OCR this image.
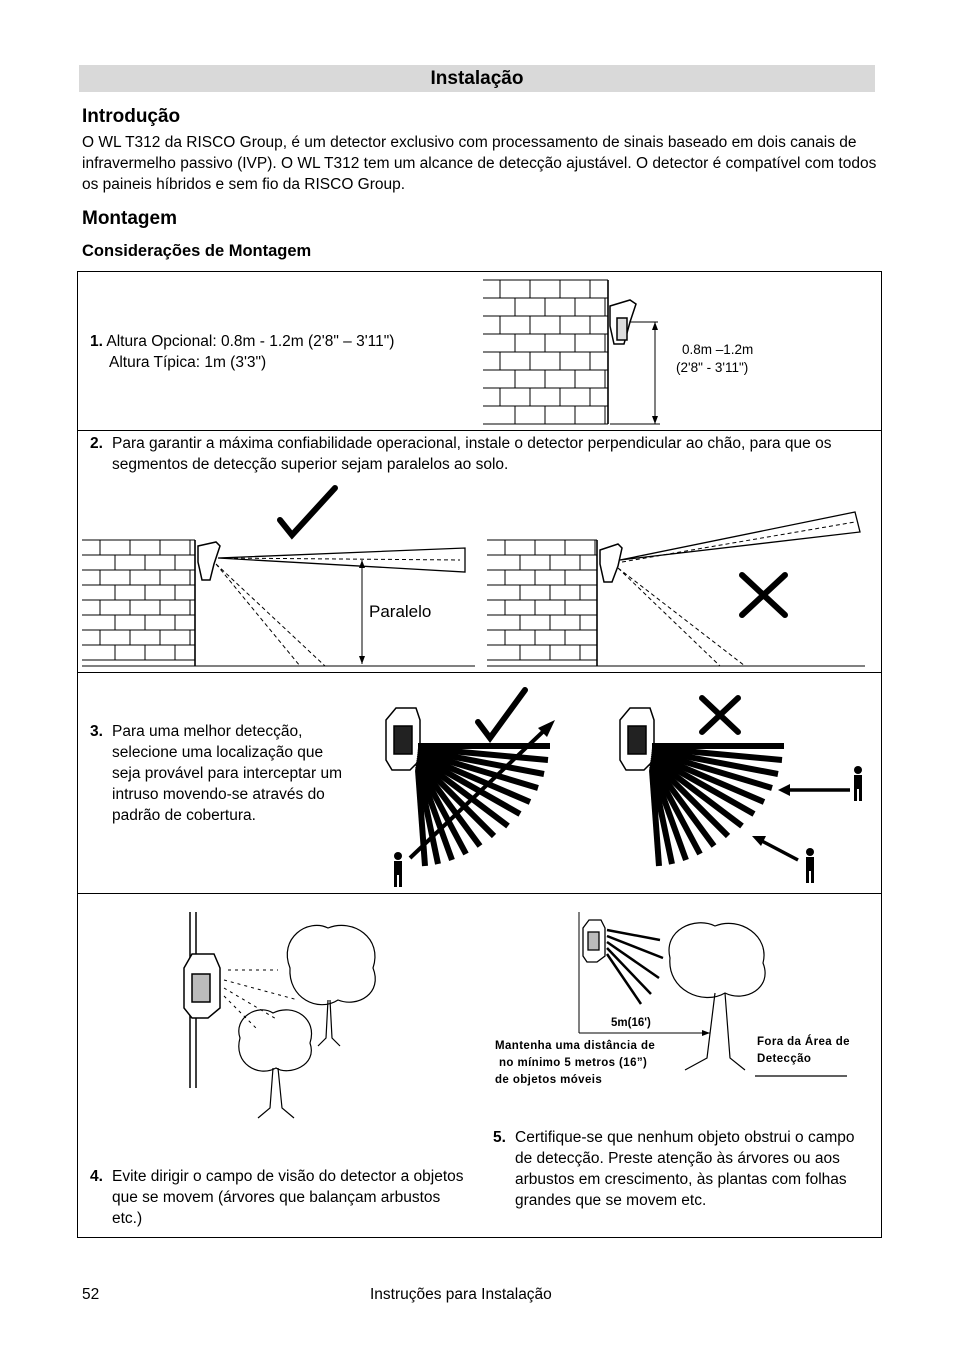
Instalação
Introdução
O WL T312 da RISCO Group, é um detector exclusivo com processamento de sinais baseado em dois canais de infravermelho passivo (IVP). O WL T312 tem um alcance de detecção ajustável. O detector é compatível com todos os paineis híbridos e sem fio da RISCO Group.
Montagem
Considerações de Montagem
1. Altura Opcional: 0.8m - 1.2m (2'8" – 3'11")
Altura Típica: 1m (3'3")
0.8m –1.2m
(2'8" - 3'11")
2. Para garantir a máxima confiabilidade operacional, instale o detector perpendicular ao chão, para que os segmentos de detecção superior sejam paralelos ao solo.
Paralelo
3. Para uma melhor detecção, selecione uma localização que seja provável para interceptar um intruso movendo-se através do padrão de cobertura.
5m(16')
Mantenha uma distância de
no mínimo 5 metros (16”)
de objetos móveis
Fora da Área de
Detecção
4. Evite dirigir o campo de visão do detector a objetos que se movem (árvores que balançam arbustos etc.)
5. Certifique-se que nenhum objeto obstrui o campo de detecção. Preste atenção às árvores ou aos arbustos em crescimento, às plantas com folhas grandes que se movem etc.
52	Instruções para Instalação
